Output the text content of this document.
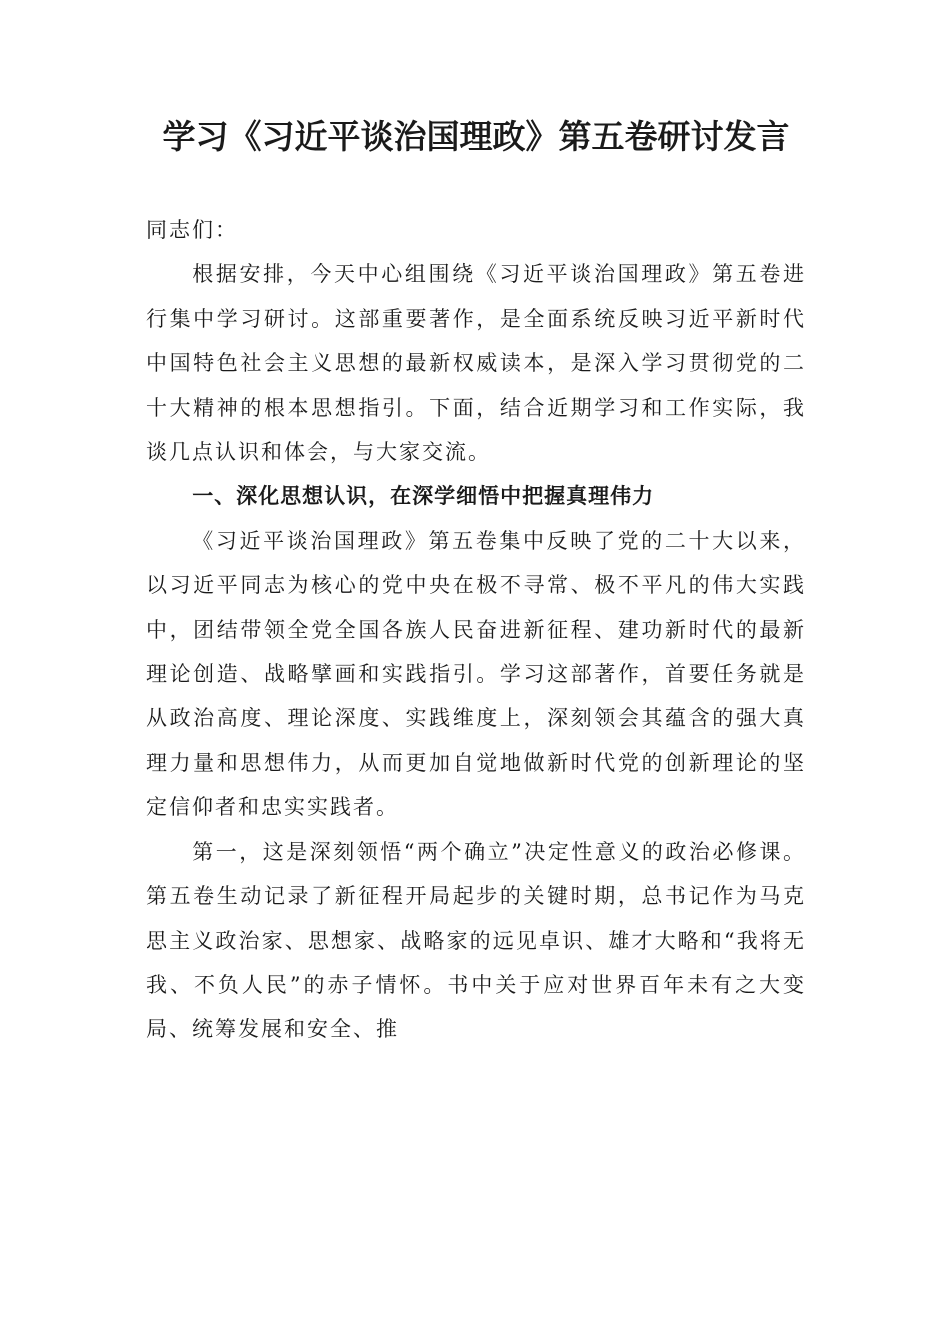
学习《习近平谈治国理政》第五卷研讨发言
同志们：

根据安排，今天中心组围绕《习近平谈治国理政》第五卷进行集中学习研讨。这部重要著作，是全面系统反映习近平新时代中国特色社会主义思想的最新权威读本，是深入学习贯彻党的二十大精神的根本思想指引。下面，结合近期学习和工作实际，我谈几点认识和体会，与大家交流。

一、深化思想认识，在深学细悟中把握真理伟力

《习近平谈治国理政》第五卷集中反映了党的二十大以来，以习近平同志为核心的党中央在极不寻常、极不平凡的伟大实践中，团结带领全党全国各族人民奋进新征程、建功新时代的最新理论创造、战略擘画和实践指引。学习这部著作，首要任务就是从政治高度、理论深度、实践维度上，深刻领会其蕴含的强大真理力量和思想伟力，从而更加自觉地做新时代党的创新理论的坚定信仰者和忠实实践者。

第一，这是深刻领悟“两个确立”决定性意义的政治必修课。第五卷生动记录了新征程开局起步的关键时期，总书记作为马克思主义政治家、思想家、战略家的远见卓识、雄才大略和“我将无我、不负人民”的赤子情怀。书中关于应对世界百年未有之大变局、统筹发展和安全、推
